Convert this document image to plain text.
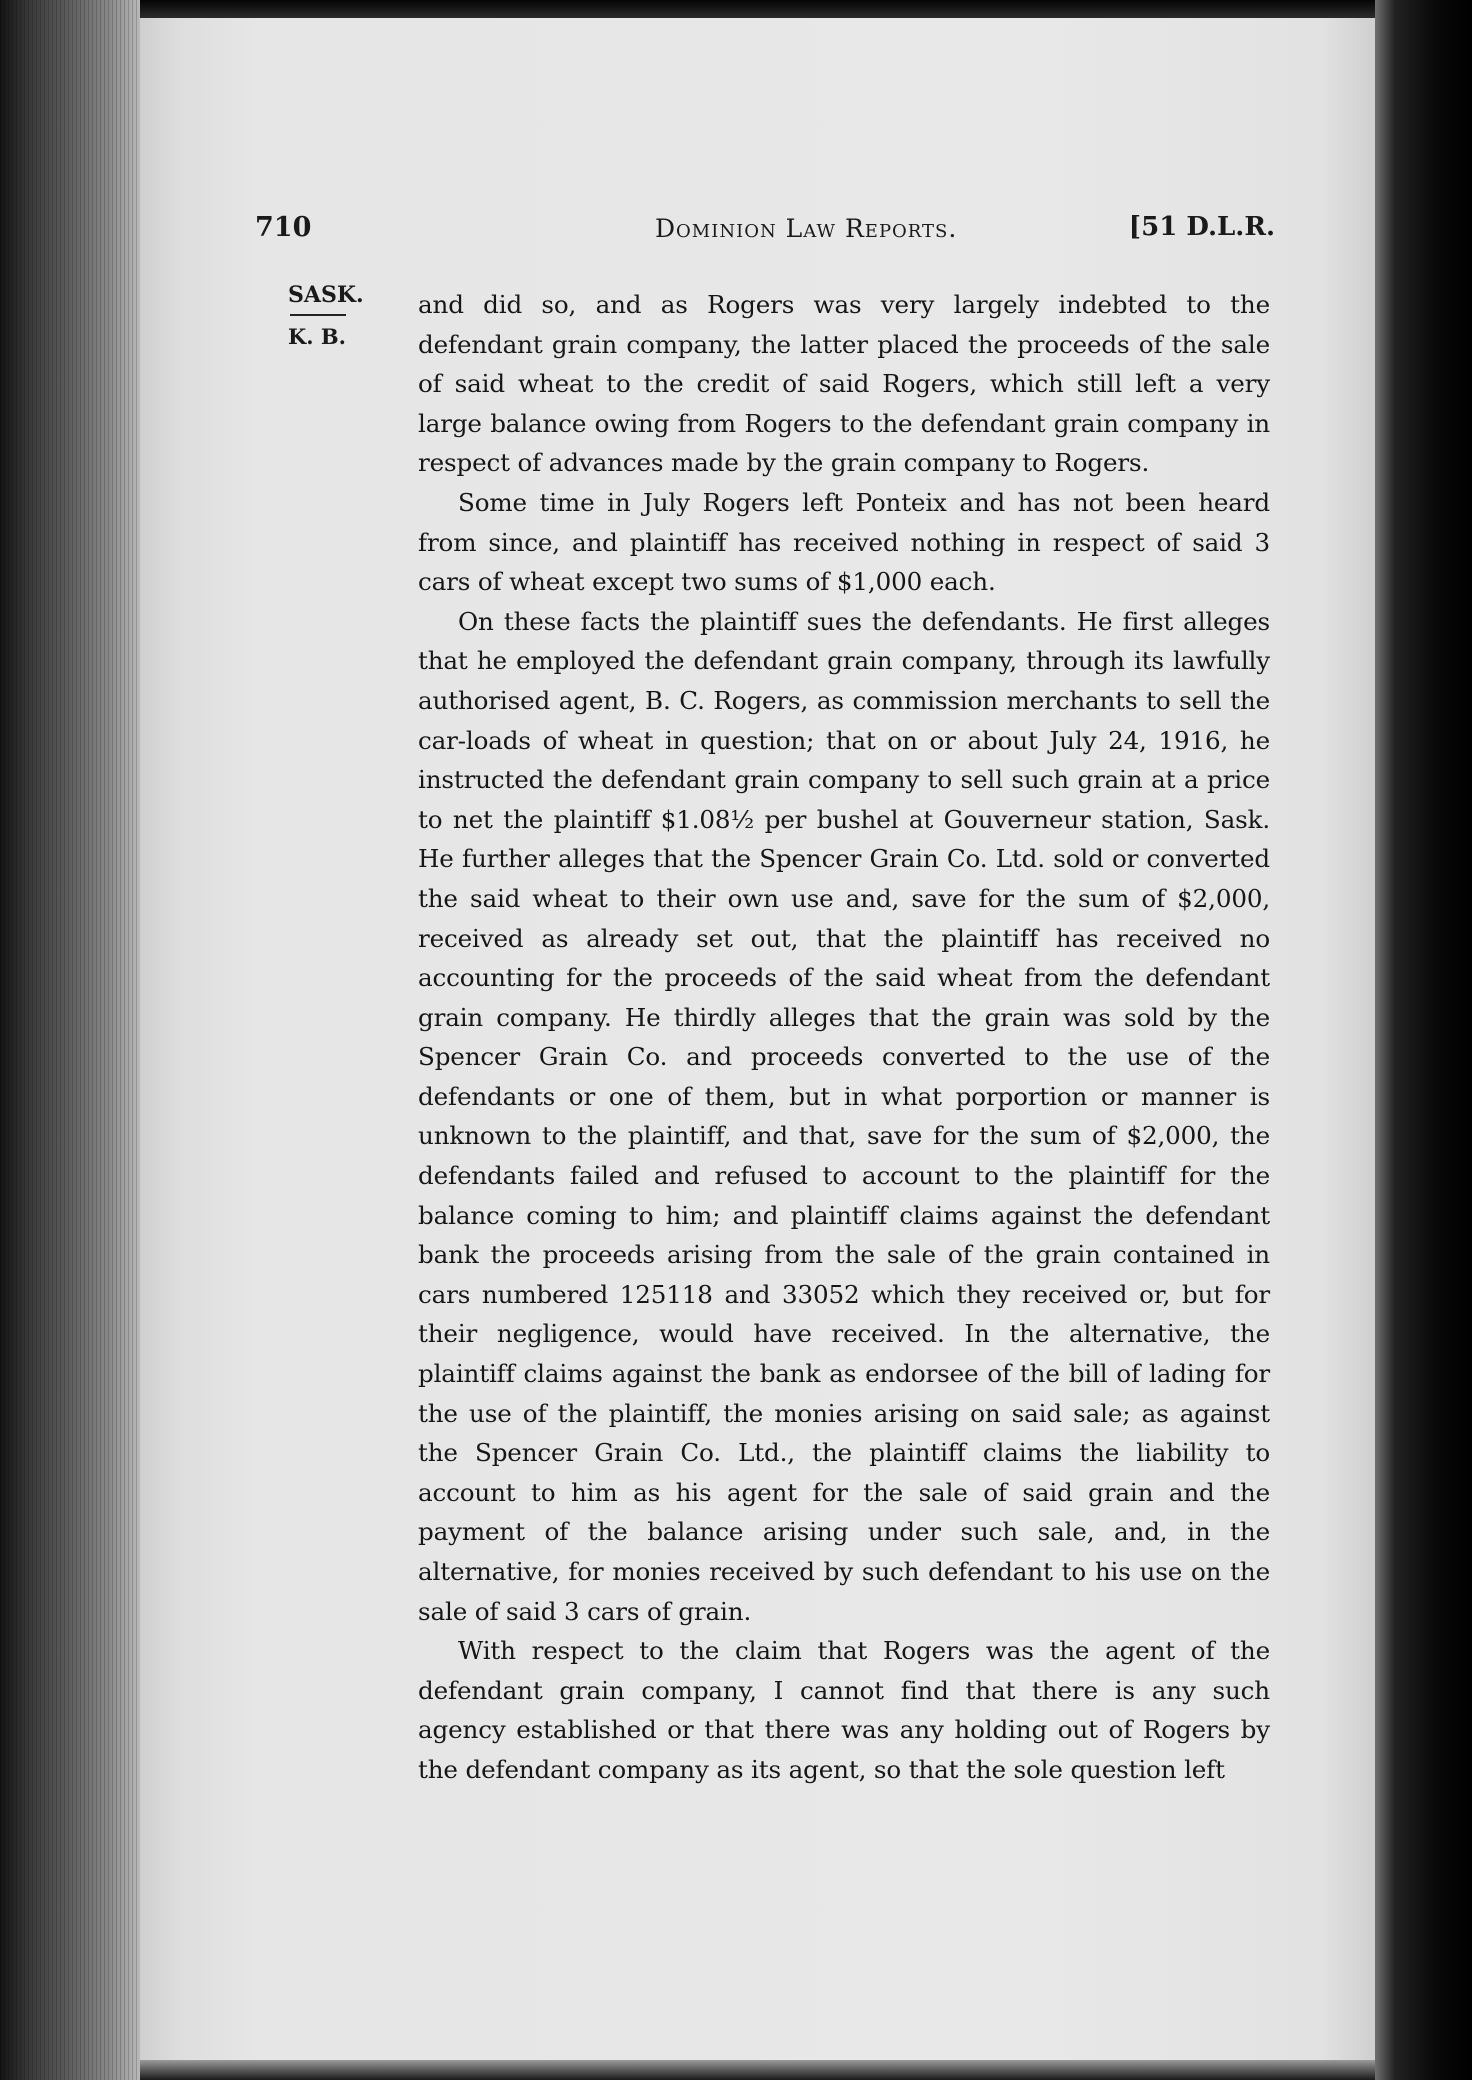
710	Dominion Law Reports.	[51 D.L.R.
SASK.
K. B.

and did so, and as Rogers was very largely indebted to the defendant grain company, the latter placed the proceeds of the sale of said wheat to the credit of said Rogers, which still left a very large balance owing from Rogers to the defendant grain company in respect of advances made by the grain company to Rogers.

Some time in July Rogers left Ponteix and has not been heard from since, and plaintiff has received nothing in respect of said 3 cars of wheat except two sums of $1,000 each.

On these facts the plaintiff sues the defendants. He first alleges that he employed the defendant grain company, through its lawfully authorised agent, B. C. Rogers, as commission merchants to sell the car-loads of wheat in question; that on or about July 24, 1916, he instructed the defendant grain company to sell such grain at a price to net the plaintiff $1.08½ per bushel at Gouverneur station, Sask. He further alleges that the Spencer Grain Co. Ltd. sold or converted the said wheat to their own use and, save for the sum of $2,000, received as already set out, that the plaintiff has received no accounting for the proceeds of the said wheat from the defendant grain company. He thirdly alleges that the grain was sold by the Spencer Grain Co. and proceeds converted to the use of the defendants or one of them, but in what porportion or manner is unknown to the plaintiff, and that, save for the sum of $2,000, the defendants failed and refused to account to the plaintiff for the balance coming to him; and plaintiff claims against the defendant bank the proceeds arising from the sale of the grain contained in cars numbered 125118 and 33052 which they received or, but for their negligence, would have received. In the alternative, the plaintiff claims against the bank as endorsee of the bill of lading for the use of the plaintiff, the monies arising on said sale; as against the Spencer Grain Co. Ltd., the plaintiff claims the liability to account to him as his agent for the sale of said grain and the payment of the balance arising under such sale, and, in the alternative, for monies received by such defendant to his use on the sale of said 3 cars of grain.

With respect to the claim that Rogers was the agent of the defendant grain company, I cannot find that there is any such agency established or that there was any holding out of Rogers by the defendant company as its agent, so that the sole question left
